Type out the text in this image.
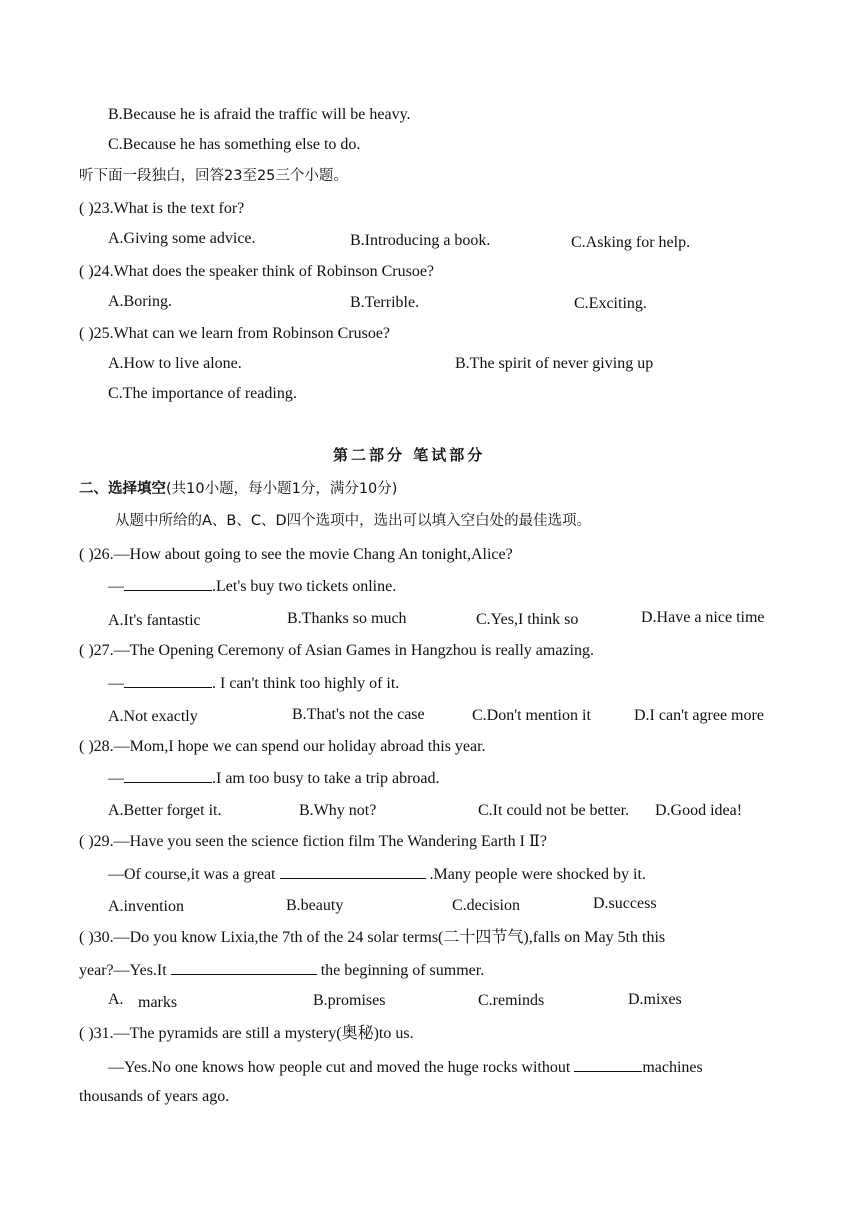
B.Because he is afraid the traffic will be heavy.
C.Because he has something else to do.
听下面一段独白，回答23至25三个小题。
( )23.What is the text for?
A.Giving some advice.	B.Introducing a book.	C.Asking for help.
( )24.What does the speaker think of Robinson Crusoe?
A.Boring.	B.Terrible.	C.Exciting.
( )25.What can we learn from Robinson Crusoe?
A.How to live alone.	B.The spirit of never giving up
C.The importance of reading.
第二部分 笔试部分
二、选择填空(共10小题，每小题1分，满分10分)
从题中所给的A、B、C、D四个选项中，选出可以填入空白处的最佳选项。
( )26.—How about going to see the movie Chang An tonight,Alice?
—	.Let's buy two tickets online.
A.It's fantastic	B.Thanks so much	C.Yes,I think so	D.Have a nice time
( )27.—The Opening Ceremony of Asian Games in Hangzhou is really amazing.
—	. I can't think too highly of it.
A.Not exactly	B.That's not the case	C.Don't mention it	D.I can't agree more
( )28.—Mom,I hope we can spend our holiday abroad this year.
—	.I am too busy to take a trip abroad.
A.Better forget it.	B.Why not?	C.It could not be better. D.Good idea!
( )29.—Have you seen the science fiction film The Wandering Earth I Ⅱ?
—Of course,it was a great	.Many people were shocked by it.
A.invention	B.beauty	C.decision	D.success
( )30.—Do you know Lixia,the 7th of the 24 solar terms(二十四节气),falls on May 5th this
year?—Yes.It	the beginning of summer.
A. marks	B.promises	C.reminds	D.mixes
( )31.—The pyramids are still a mystery(奥秘)to us.
—Yes.No one knows how people cut and moved the huge rocks without	machines
thousands of years ago.
